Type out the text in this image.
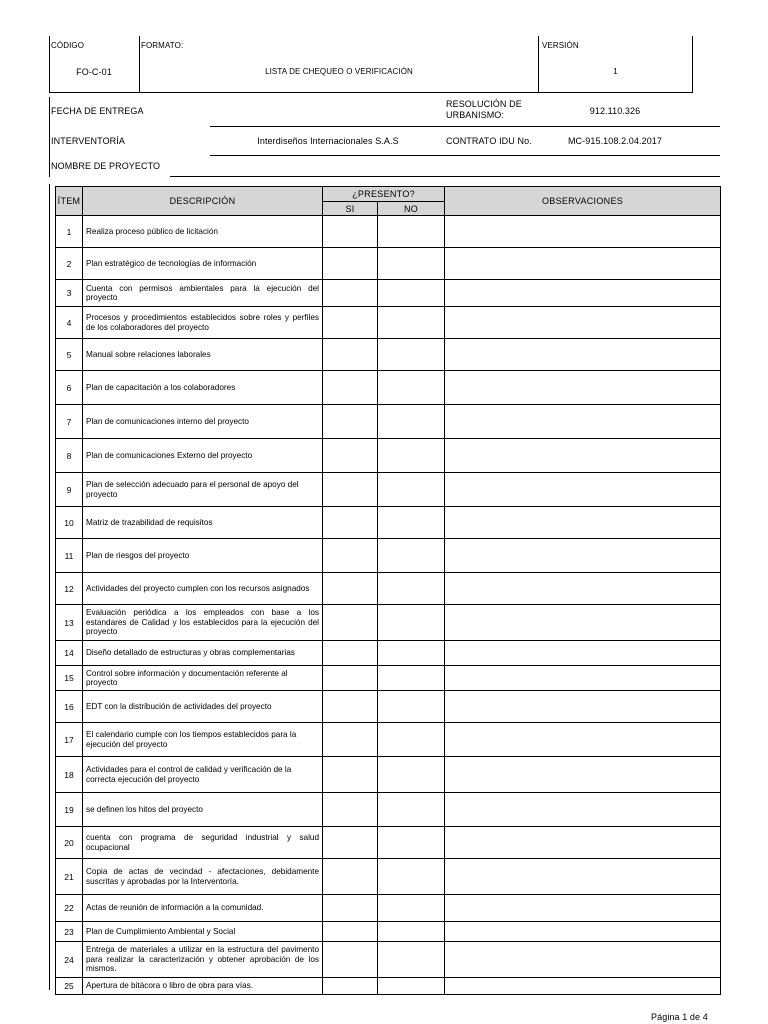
CÓDIGO	FORMATO:	VERSIÓN
FO-C-01	LISTA DE CHEQUEO O VERIFICACIÓN	1
FECHA DE ENTREGA
RESOLUCIÓN DE
URBANISMO:	912.110.326
INTERVENTORÍA	Interdiseños Internacionales S.A.S	CONTRATO IDU No.	MC-915.108.2.04.2017
NOMBRE DE PROYECTO
ÍTEM	DESCRIPCIÓN	¿PRESENTO?		OBSERVACIONES
		SI	NO	
1	Realiza proceso público de licitación			
2	Plan estratégico de tecnologías de información			
3	Cuenta con permisos ambientales para la ejecución del proyecto			
4	Procesos y procedimientos establecidos sobre roles y perfiles de los colaboradores del proyecto			
5	Manual sobre relaciones laborales			
6	Plan de capacitación a los colaboradores			
7	Plan de comunicaciones interno del proyecto			
8	Plan de comunicaciones Externo del proyecto			
9	Plan de selección adecuado para el personal de apoyo del proyecto			
10	Matriz de trazabilidad de requisitos			
11	Plan de riesgos del proyecto			
12	Actividades del proyecto cumplen con los recursos asignados			
13	Evaluación periódica a los empleados con base a los estandares de Calidad y los establecidos para la ejecución del proyecto			
14	Diseño detallado de estructuras y obras complementarias			
15	Control sobre información y documentación referente al proyecto			
16	EDT con la distribución de actividades del proyecto			
17	El calendario cumple con los tiempos establecidos para la ejecución del proyecto			
18	Actividades para el control de calidad y verificación de la correcta ejecución del proyecto			
19	se definen los hitos del proyecto			
20	cuenta con programa de seguridad industrial y salud ocupacional			
21	Copia de actas de vecindad - afectaciones, debidamente suscritas y aprobadas por la Interventoría.			
22	Actas de reunión de información a la comunidad.			
23	Plan de Cumplimiento Ambiental y Social			
24	Entrega de materiales a utilizar en la estructura del pavimento para realizar la caracterización y obtener aprobación de los mismos.			
25	Apertura de bitácora o libro de obra para vías.			
Página 1 de 4
